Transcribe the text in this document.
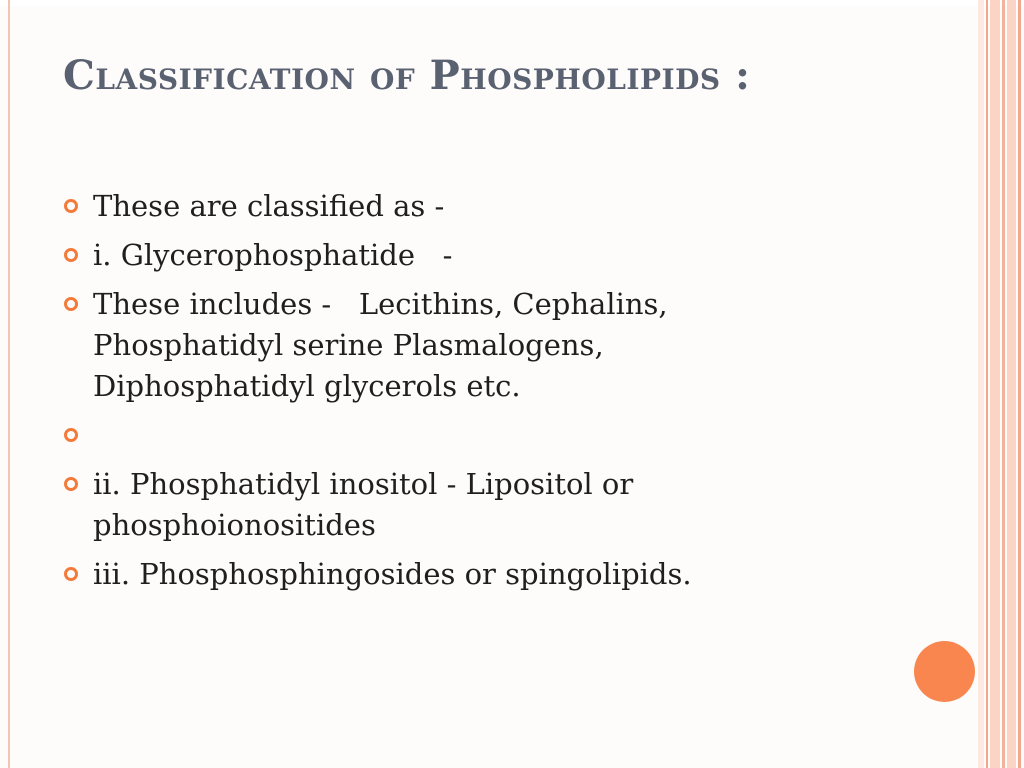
Classification of Phospholipids :
These are classified as -
i. Glycerophosphatide   -
These includes -   Lecithins, Cephalins, Phosphatidyl serine Plasmalogens, Diphosphatidyl glycerols etc.
ii. Phosphatidyl inositol - Lipositol or phosphoionositides
iii. Phosphosphingosides or spingolipids.
